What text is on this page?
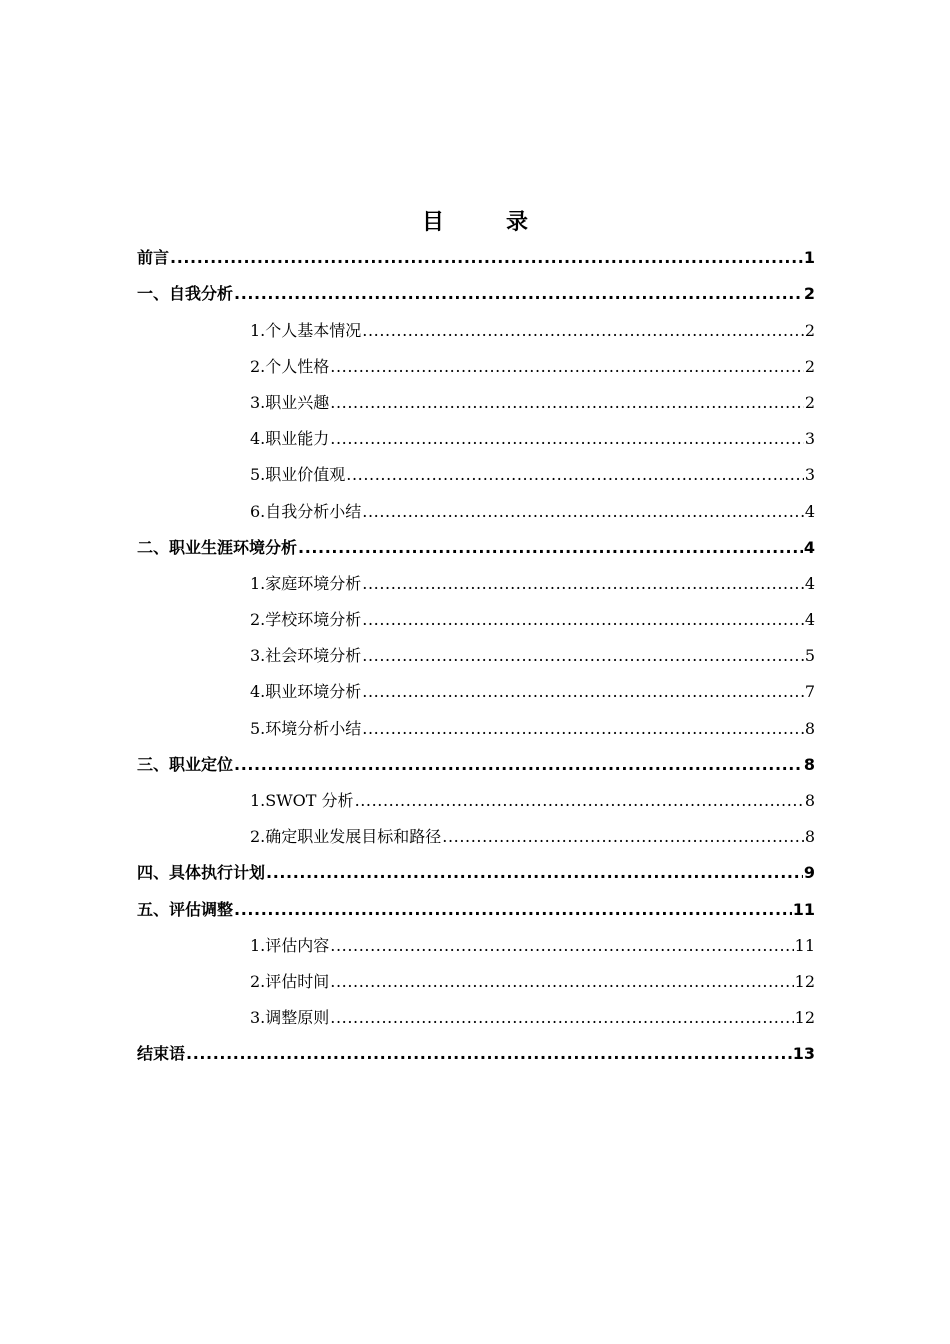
目　录
前言 .....	1
一、自我分析 .....	2
1.个人基本情况 .....	2
2.个人性格 .....	2
3.职业兴趣 .....	2
4.职业能力 .....	3
5.职业价值观 .....	3
6.自我分析小结 .....	4
二、职业生涯环境分析 .....	4
1.家庭环境分析 .....	4
2.学校环境分析 .....	4
3.社会环境分析 .....	5
4.职业环境分析 .....	7
5.环境分析小结 .....	8
三、职业定位 .....	8
1.SWOT 分析 .....	8
2.确定职业发展目标和路径 .....	8
四、具体执行计划 .....	9
五、评估调整 .....	11
1.评估内容 .....	11
2.评估时间 .....	12
3.调整原则 .....	12
结束语 .....	13
